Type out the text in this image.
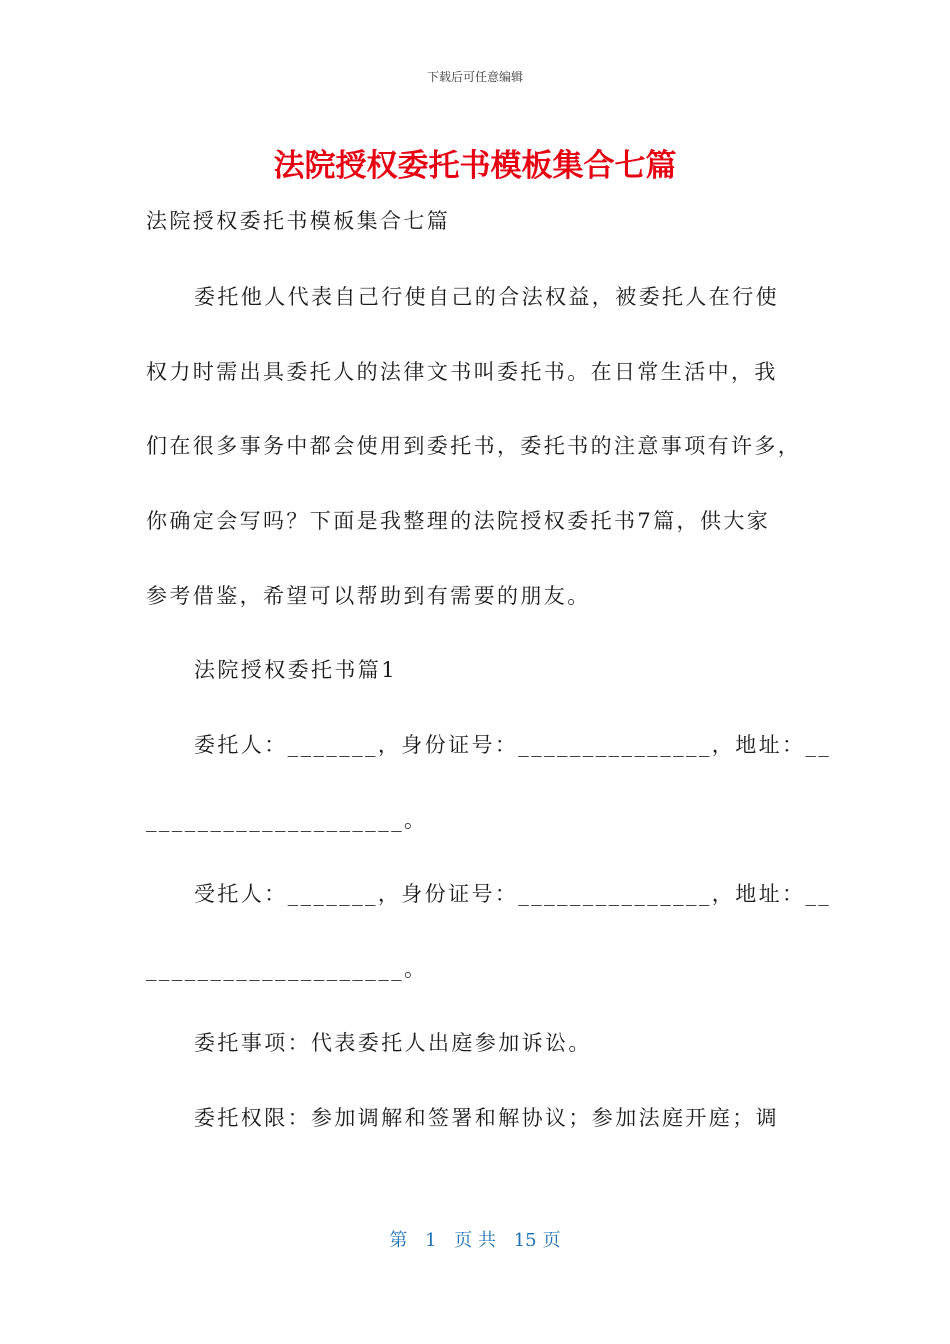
下载后可任意编辑
法院授权委托书模板集合七篇
法院授权委托书模板集合七篇
委托他人代表自己行使自己的合法权益，被委托人在行使
权力时需出具委托人的法律文书叫委托书。在日常生活中，我
们在很多事务中都会使用到委托书，委托书的注意事项有许多，
你确定会写吗？下面是我整理的法院授权委托书7篇，供大家
参考借鉴，希望可以帮助到有需要的朋友。
法院授权委托书篇1
委托人：_______，身份证号：_______________，地址：__
____________________。
受托人：_______，身份证号：_______________，地址：__
____________________。
委托事项：代表委托人出庭参加诉讼。
委托权限：参加调解和签署和解协议；参加法庭开庭；调
第 1 页 共 15 页
